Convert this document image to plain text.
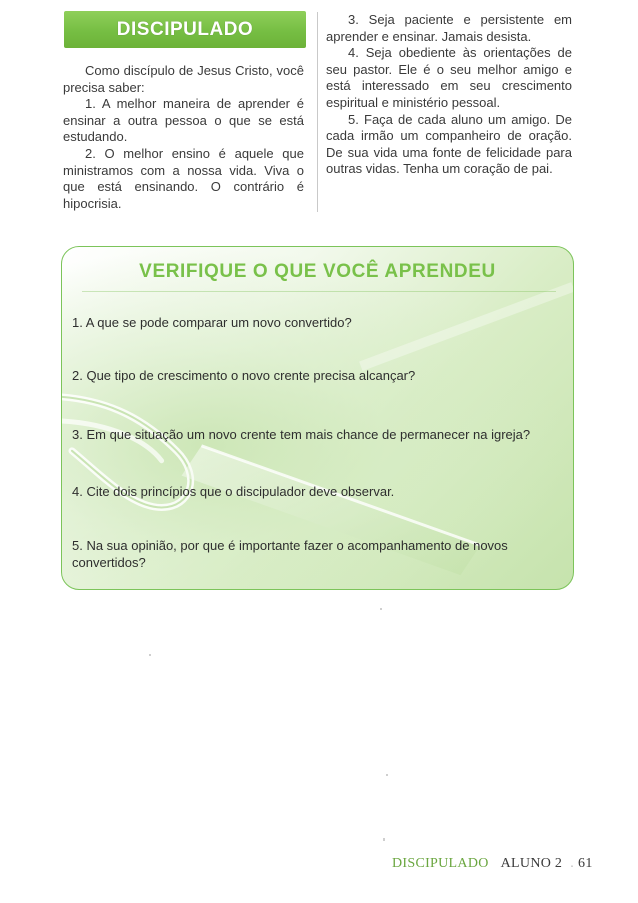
DISCIPULADO

Como discípulo de Jesus Cristo, você precisa saber:

1. A melhor maneira de aprender é ensinar a outra pessoa o que se está estudando.

2. O melhor ensino é aquele que ministramos com a nossa vida. Viva o que está ensinando. O contrário é hipocrisia.

3. Seja paciente e persistente em aprender e ensinar. Jamais desista.

4. Seja obediente às orientações de seu pastor. Ele é o seu melhor amigo e está interessado em seu crescimento espiritual e ministério pessoal.

5. Faça de cada aluno um amigo. De cada irmão um companheiro de oração. De sua vida uma fonte de felicidade para outras vidas. Tenha um coração de pai.

VERIFIQUE O QUE VOCÊ APRENDEU
1. A que se pode comparar um novo convertido?
2. Que tipo de crescimento o novo crente precisa alcançar?
3. Em que situação um novo crente tem mais chance de permanecer na igreja?
4. Cite dois princípios que o discipulador deve observar.
5. Na sua opinião, por que é importante fazer o acompanhamento de novos convertidos?
DISCIPULADO ALUNO 2 . 61
